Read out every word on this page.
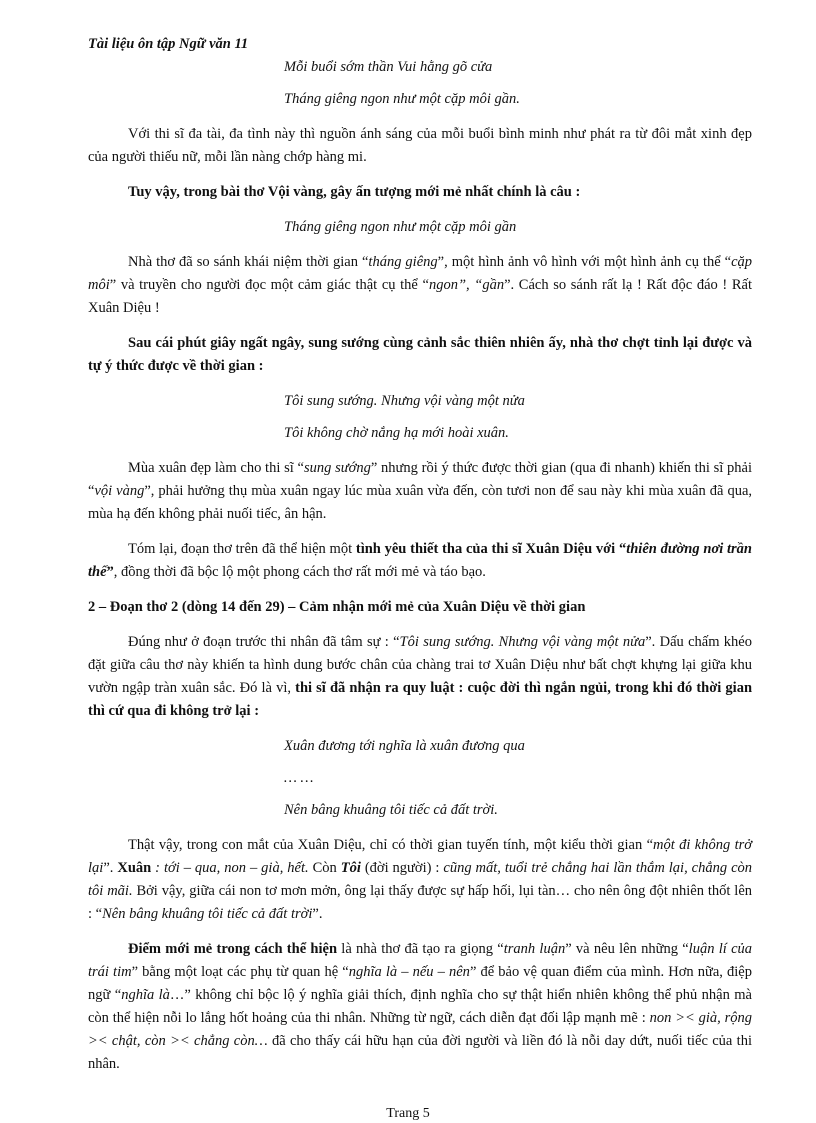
Tài liệu ôn tập Ngữ văn 11
Mỗi buổi sớm thần Vui hằng gõ cửa
Tháng giêng ngon như một cặp môi gần.

Với thi sĩ đa tài, đa tình này thì nguồn ánh sáng của mỗi buổi bình minh như phát ra từ đôi mắt xinh đẹp của người thiếu nữ, mỗi lần nàng chớp hàng mi.

Tuy vậy, trong bài thơ Vội vàng, gây ấn tượng mới mẻ nhất chính là câu :

Tháng giêng ngon như một cặp môi gần

Nhà thơ đã so sánh khái niệm thời gian “tháng giêng”, một hình ảnh vô hình với một hình ảnh cụ thể “cặp môi” và truyền cho người đọc một cảm giác thật cụ thể “ngon”, “gần”. Cách so sánh rất lạ ! Rất độc đáo ! Rất Xuân Diệu !

Sau cái phút giây ngất ngây, sung sướng cùng cảnh sắc thiên nhiên ấy, nhà thơ chợt tỉnh lại được và tự ý thức được về thời gian :

Tôi sung sướng. Nhưng vội vàng một nửa
Tôi không chờ nắng hạ mới hoài xuân.

Mùa xuân đẹp làm cho thi sĩ “sung sướng” nhưng rồi ý thức được thời gian (qua đi nhanh) khiến thi sĩ phải “vội vàng”, phải hưởng thụ mùa xuân ngay lúc mùa xuân vừa đến, còn tươi non để sau này khi mùa xuân đã qua, mùa hạ đến không phải nuối tiếc, ân hận.

Tóm lại, đoạn thơ trên đã thể hiện một tình yêu thiết tha của thi sĩ Xuân Diệu với “thiên đường nơi trần thế”, đồng thời đã bộc lộ một phong cách thơ rất mới mẻ và táo bạo.

2 – Đoạn thơ 2 (dòng 14 đến 29) – Cảm nhận mới mẻ của Xuân Diệu về thời gian

Đúng như ở đoạn trước thi nhân đã tâm sự : “Tôi sung sướng. Nhưng vội vàng một nửa”. Dấu chấm khéo đặt giữa câu thơ này khiến ta hình dung bước chân của chàng trai tơ Xuân Diệu như bất chợt khựng lại giữa khu vườn ngập tràn xuân sắc. Đó là vì, thi sĩ đã nhận ra quy luật : cuộc đời thì ngắn ngủi, trong khi đó thời gian thì cứ qua đi không trở lại :

Xuân đương tới nghĩa là xuân đương qua
… …
Nên bâng khuâng tôi tiếc cả đất trời.

Thật vậy, trong con mắt của Xuân Diệu, chỉ có thời gian tuyến tính, một kiểu thời gian “một đi không trở lại”. Xuân : tới – qua, non – già, hết. Còn Tôi (đời người) : cũng mất, tuổi trẻ chẳng hai lần thắm lại, chẳng còn tôi mãi. Bởi vậy, giữa cái non tơ mơn mởn, ông lại thấy được sự hấp hối, lụi tàn… cho nên ông đột nhiên thốt lên : “Nên bâng khuâng tôi tiếc cả đất trời”.

Điểm mới mẻ trong cách thể hiện là nhà thơ đã tạo ra giọng “tranh luận” và nêu lên những “luận lí của trái tim” bằng một loạt các phụ từ quan hệ “nghĩa là – nếu – nên” để bảo vệ quan điểm của mình. Hơn nữa, điệp ngữ “nghĩa là…” không chỉ bộc lộ ý nghĩa giải thích, định nghĩa cho sự thật hiển nhiên không thể phủ nhận mà còn thể hiện nỗi lo lắng hốt hoảng của thi nhân. Những từ ngữ, cách diễn đạt đối lập mạnh mẽ : non >< già, rộng >< chật, còn >< chẳng còn… đã cho thấy cái hữu hạn của đời người và liền đó là nỗi day dứt, nuối tiếc của thi nhân.

Trang 5
